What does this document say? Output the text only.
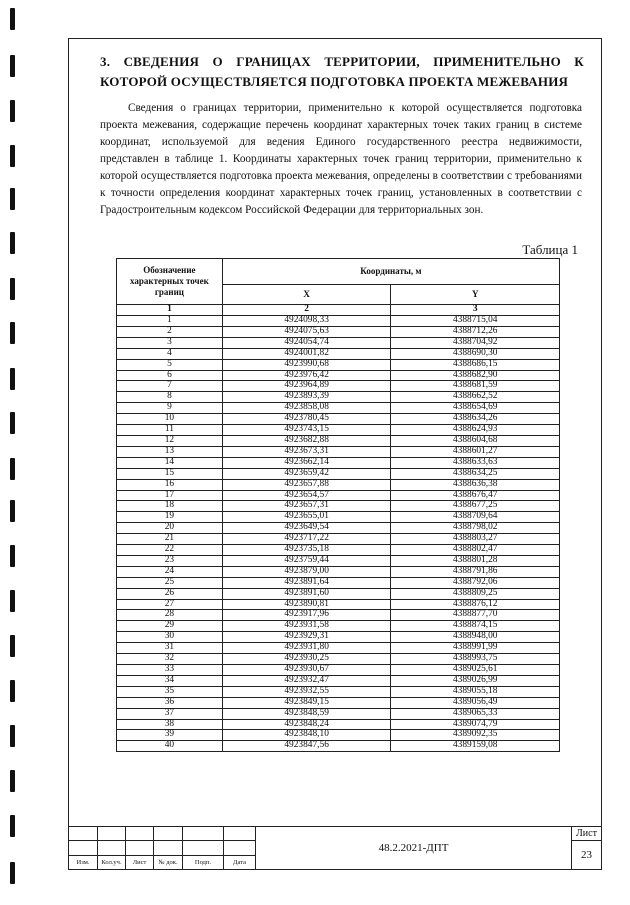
3. СВЕДЕНИЯ О ГРАНИЦАХ ТЕРРИТОРИИ, ПРИМЕНИТЕЛЬНО К
КОТОРОЙ ОСУЩЕСТВЛЯЕТСЯ ПОДГОТОВКА ПРОЕКТА МЕЖЕВАНИЯ
Сведения о границах территории, применительно к которой осуществляется подготовка проекта межевания, содержащие перечень координат характерных точек таких границ в системе координат, используемой для ведения Единого государственного реестра недвижимости, представлен в таблице 1. Координаты характерных точек границ территории, применительно к которой осуществляется подготовка проекта межевания, определены в соответствии с требованиями к точности определения координат характерных точек границ, установленных в соответствии с Градостроительным кодексом Российской Федерации для территориальных зон.
Таблица 1
Обозначение характерных точек границ	Координаты, м	
	X	Y
1	2	3
1	4924098,33	4388715,04
2	4924075,63	4388712,26
3	4924054,74	4388704,92
4	4924001,82	4388690,30
5	4923990,68	4388686,15
6	4923976,42	4388682,90
7	4923964,89	4388681,59
8	4923893,39	4388662,52
9	4923858,08	4388654,69
10	4923780,45	4388634,26
11	4923743,15	4388624,93
12	4923682,88	4388604,68
13	4923673,31	4388601,27
14	4923662,14	4388633,63
15	4923659,42	4388634,25
16	4923657,88	4388636,38
17	4923654,57	4388676,47
18	4923657,31	4388677,25
19	4923655,01	4388709,64
20	4923649,54	4388798,02
21	4923717,22	4388803,27
22	4923735,18	4388802,47
23	4923759,44	4388801,28
24	4923879,00	4388791,86
25	4923891,64	4388792,06
26	4923891,60	4388809,25
27	4923890,81	4388876,12
28	4923917,96	4388877,70
29	4923931,58	4388874,15
30	4923929,31	4388948,00
31	4923931,80	4388991,99
32	4923930,25	4388993,75
33	4923930,67	4389025,61
34	4923932,47	4389026,99
35	4923932,55	4389055,18
36	4923849,15	4389056,49
37	4923848,59	4389065,33
38	4923848,24	4389074,79
39	4923848,10	4389092,35
40	4923847,56	4389159,08
						48.2.2021-ДПТ	Лист
							23
Изм.	Кол.уч.	Лист	№ док.	Подп.	Дата		
